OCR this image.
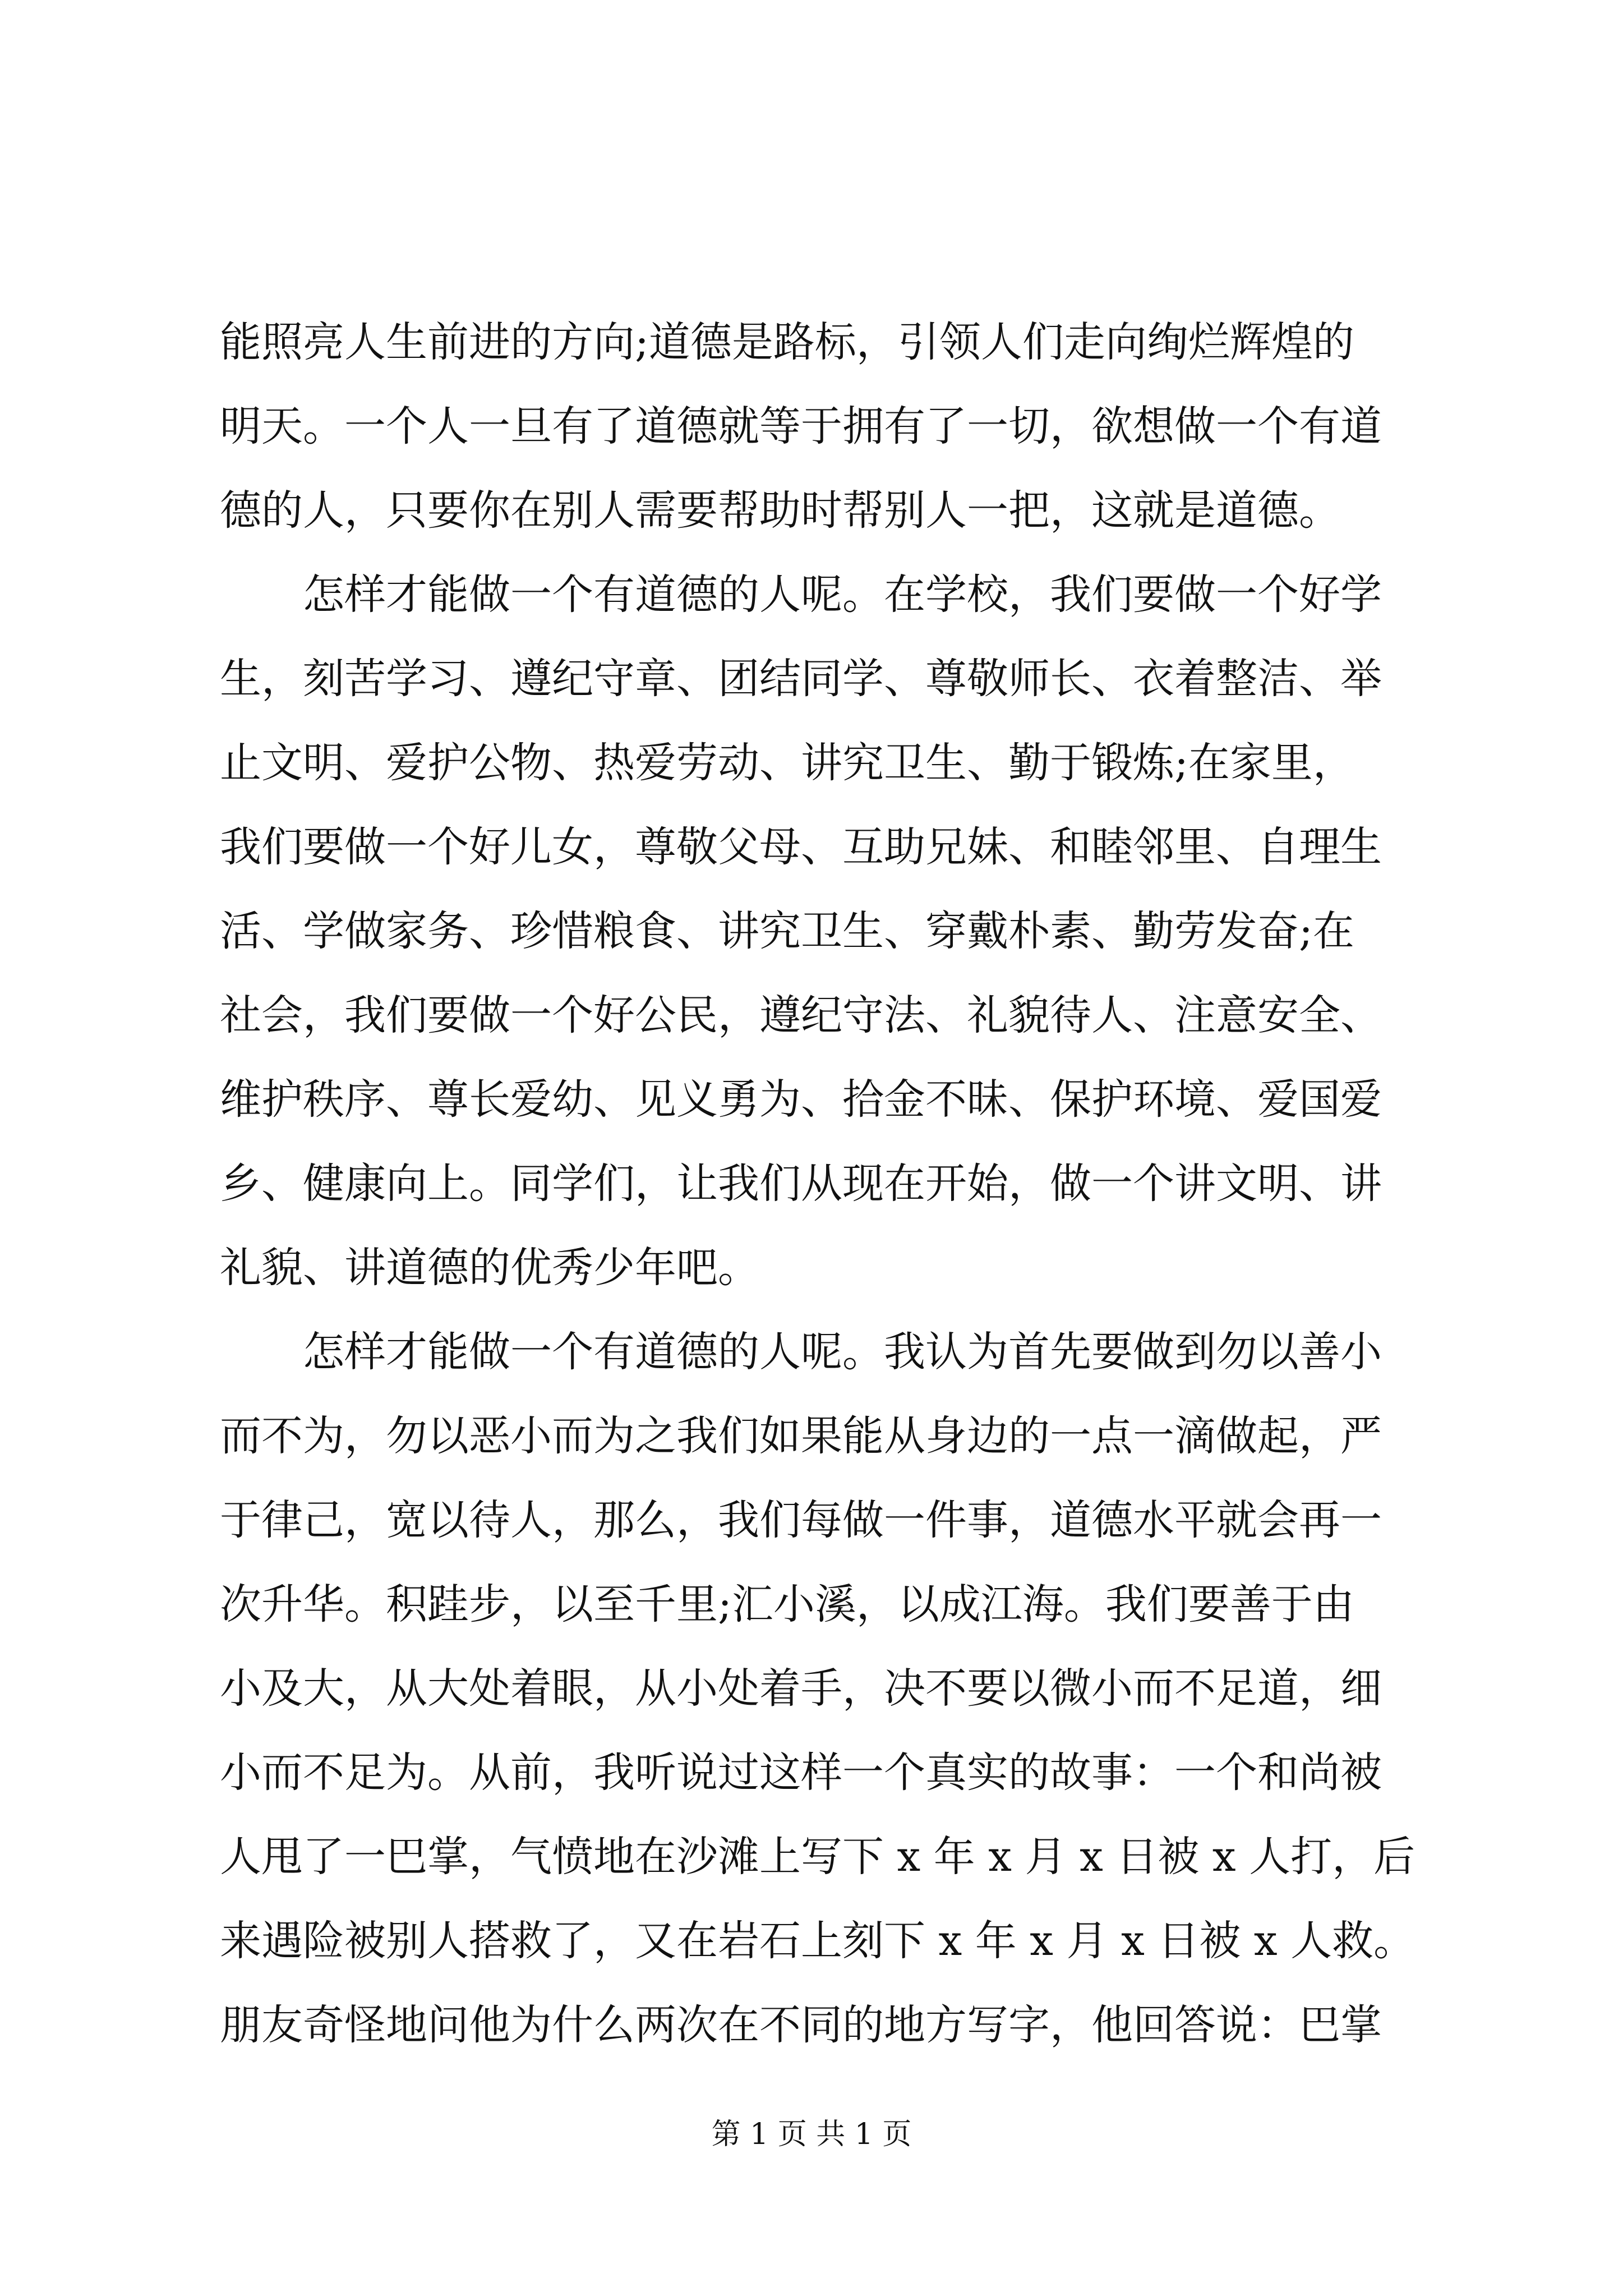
能照亮人生前进的方向;道德是路标，引领人们走向绚烂辉煌的
明天。一个人一旦有了道德就等于拥有了一切，欲想做一个有道
德的人，只要你在别人需要帮助时帮别人一把，这就是道德。
怎样才能做一个有道德的人呢。在学校，我们要做一个好学
生，刻苦学习、遵纪守章、团结同学、尊敬师长、衣着整洁、举
止文明、爱护公物、热爱劳动、讲究卫生、勤于锻炼;在家里，
我们要做一个好儿女，尊敬父母、互助兄妹、和睦邻里、自理生
活、学做家务、珍惜粮食、讲究卫生、穿戴朴素、勤劳发奋;在
社会，我们要做一个好公民，遵纪守法、礼貌待人、注意安全、
维护秩序、尊长爱幼、见义勇为、拾金不昧、保护环境、爱国爱
乡、健康向上。同学们，让我们从现在开始，做一个讲文明、讲
礼貌、讲道德的优秀少年吧。
怎样才能做一个有道德的人呢。我认为首先要做到勿以善小
而不为，勿以恶小而为之我们如果能从身边的一点一滴做起，严
于律己，宽以待人，那么，我们每做一件事，道德水平就会再一
次升华。积跬步，以至千里;汇小溪，以成江海。我们要善于由
小及大，从大处着眼，从小处着手，决不要以微小而不足道，细
小而不足为。从前，我听说过这样一个真实的故事：一个和尚被
人甩了一巴掌，气愤地在沙滩上写下 x 年 x 月 x 日被 x 人打，后
来遇险被别人搭救了，又在岩石上刻下 x 年 x 月 x 日被 x 人救。
朋友奇怪地问他为什么两次在不同的地方写字，他回答说：巴掌
第 1 页 共 1 页
